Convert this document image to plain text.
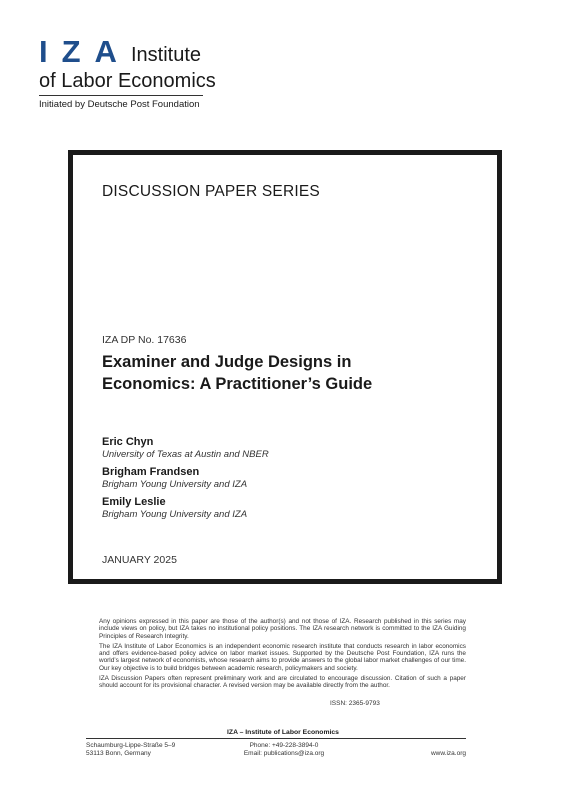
IZA Institute
of Labor Economics
Initiated by Deutsche Post Foundation
DISCUSSION PAPER SERIES
IZA DP No. 17636
Examiner and Judge Designs in
Economics: A Practitioner’s Guide
Eric Chyn
University of Texas at Austin and NBER
Brigham Frandsen
Brigham Young University and IZA
Emily Leslie
Brigham Young University and IZA
JANUARY 2025

Any opinions expressed in this paper are those of the author(s) and not those of IZA. Research published in this series may include views on policy, but IZA takes no institutional policy positions. The IZA research network is committed to the IZA Guiding Principles of Research Integrity.

The IZA Institute of Labor Economics is an independent economic research institute that conducts research in labor economics and offers evidence-based policy advice on labor market issues. Supported by the Deutsche Post Foundation, IZA runs the world’s largest network of economists, whose research aims to provide answers to the global labor market challenges of our time. Our key objective is to build bridges between academic research, policymakers and society.

IZA Discussion Papers often represent preliminary work and are circulated to encourage discussion. Citation of such a paper should account for its provisional character. A revised version may be available directly from the author.

ISSN: 2365-9793
IZA – Institute of Labor Economics
Schaumburg-Lippe-Straße 5–9
53113 Bonn, Germany
Phone: +49-228-3894-0
Email: publications@iza.org	www.iza.org
